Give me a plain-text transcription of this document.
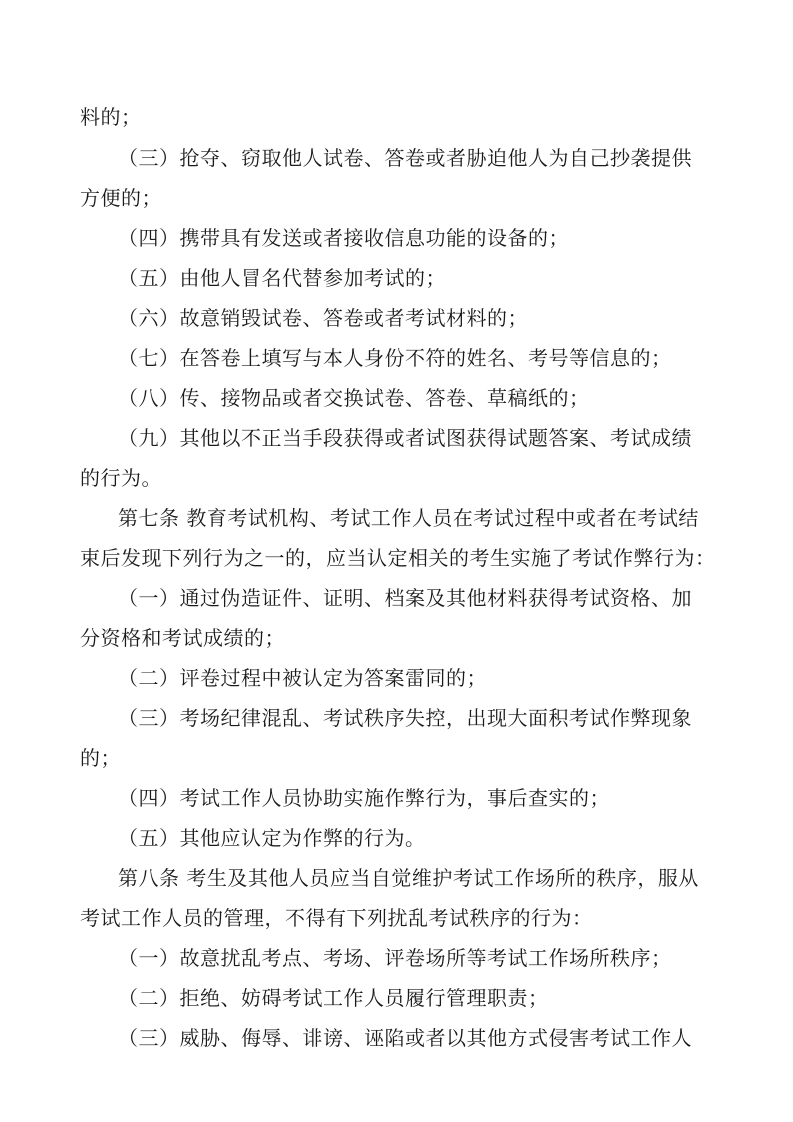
料的；
（三）抢夺、窃取他人试卷、答卷或者胁迫他人为自己抄袭提供
方便的；
（四）携带具有发送或者接收信息功能的设备的；
（五）由他人冒名代替参加考试的；
（六）故意销毁试卷、答卷或者考试材料的；
（七）在答卷上填写与本人身份不符的姓名、考号等信息的；
（八）传、接物品或者交换试卷、答卷、草稿纸的；
（九）其他以不正当手段获得或者试图获得试题答案、考试成绩
的行为。
第七条 教育考试机构、考试工作人员在考试过程中或者在考试结
束后发现下列行为之一的，应当认定相关的考生实施了考试作弊行为：
（一）通过伪造证件、证明、档案及其他材料获得考试资格、加
分资格和考试成绩的；
（二）评卷过程中被认定为答案雷同的；
（三）考场纪律混乱、考试秩序失控，出现大面积考试作弊现象
的；
（四）考试工作人员协助实施作弊行为，事后查实的；
（五）其他应认定为作弊的行为。
第八条 考生及其他人员应当自觉维护考试工作场所的秩序，服从
考试工作人员的管理，不得有下列扰乱考试秩序的行为：
（一）故意扰乱考点、考场、评卷场所等考试工作场所秩序；
（二）拒绝、妨碍考试工作人员履行管理职责；
（三）威胁、侮辱、诽谤、诬陷或者以其他方式侵害考试工作人
